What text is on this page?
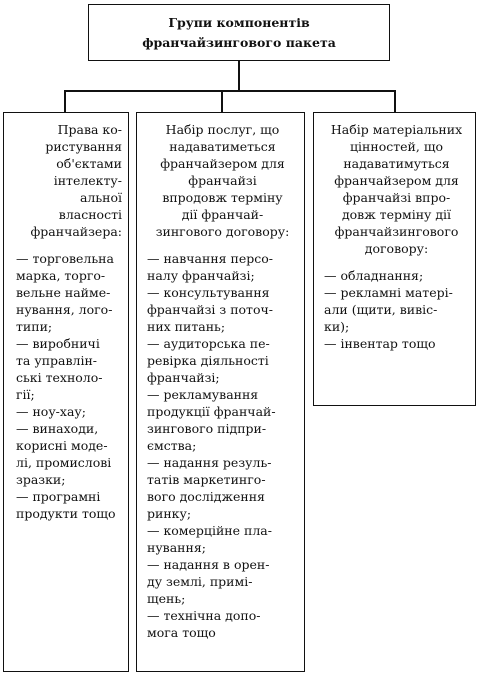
Групи компонентів
франчайзингового пакета
Права ко-
ристування
об'єктами
інтелекту-
альної
власності
франчайзера:
— торговельна
марка, торго-
вельне найме-
нування, лого-
типи;
— виробничі
та управлін-
ські техноло-
гії;
— ноу-хау;
— винаходи,
корисні моде-
лі, промислові
зразки;
— програмні
продукти тощо
Набір послуг, що
надаватиметься
франчайзером для
франчайзі
впродовж терміну
дії франчай-
зингового договору:
— навчання персо-
налу франчайзі;
— консультування
франчайзі з поточ-
них питань;
— аудиторська пе-
ревірка діяльності
франчайзі;
— рекламування
продукції франчай-
зингового підпри-
ємства;
— надання резуль-
татів маркетинго-
вого дослідження
ринку;
— комерційне пла-
нування;
— надання в орен-
ду землі, примі-
щень;
— технічна допо-
мога тощо
Набір матеріальних
цінностей, що
надаватимуться
франчайзером для
франчайзі впро-
довж терміну дії
франчайзингового
договору:
— обладнання;
— рекламні матері-
али (щити, вивіс-
ки);
— інвентар тощо
